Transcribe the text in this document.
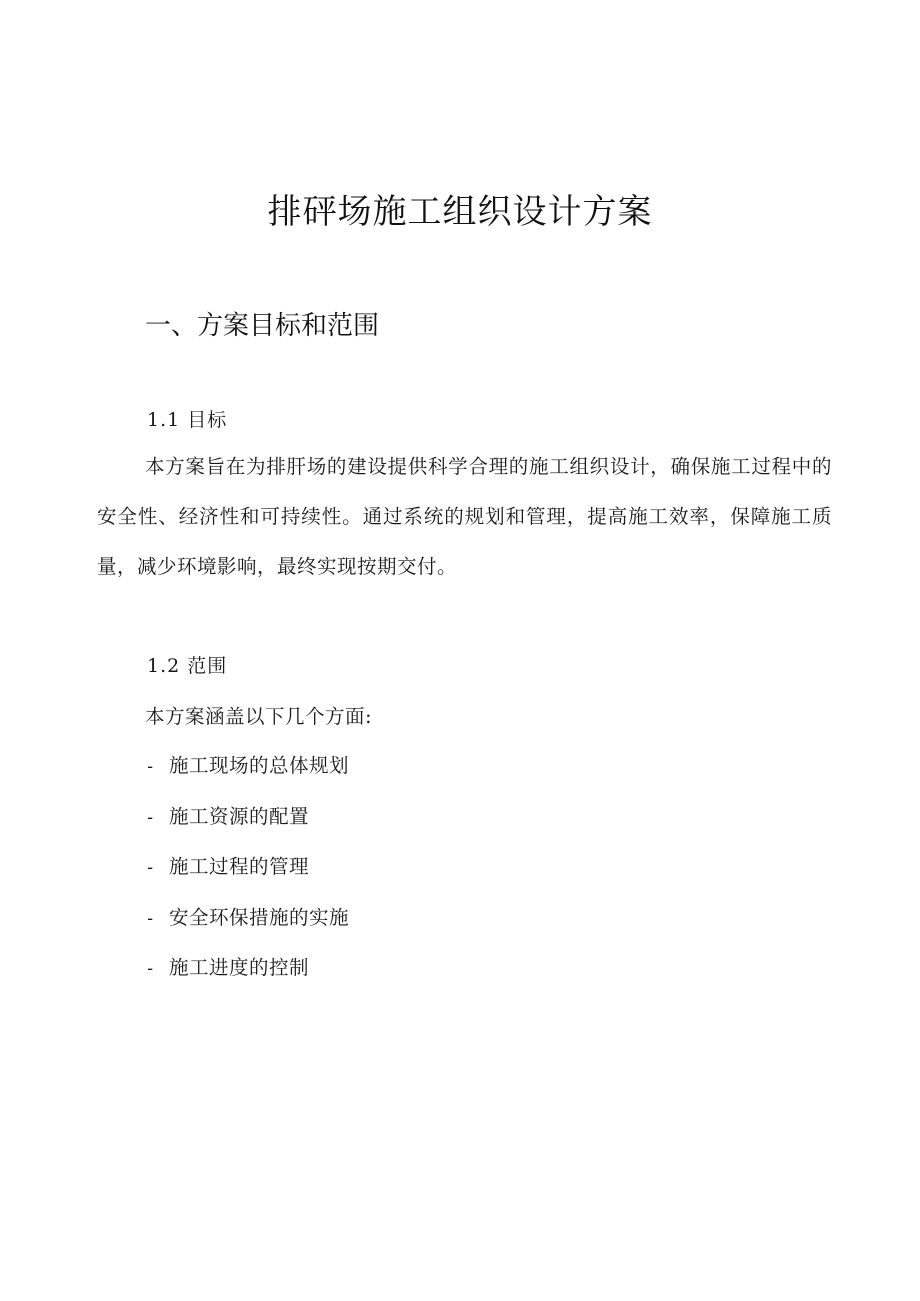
排砰场施工组织设计方案
一、方案目标和范围
1.1 目标

本方案旨在为排肝场的建设提供科学合理的施工组织设计，确保施工过程中的安全性、经济性和可持续性。通过系统的规划和管理，提高施工效率，保障施工质量，减少环境影响，最终实现按期交付。

1.2 范围

本方案涵盖以下几个方面:

- 施工现场的总体规划
- 施工资源的配置
- 施工过程的管理
- 安全环保措施的实施
- 施工进度的控制
